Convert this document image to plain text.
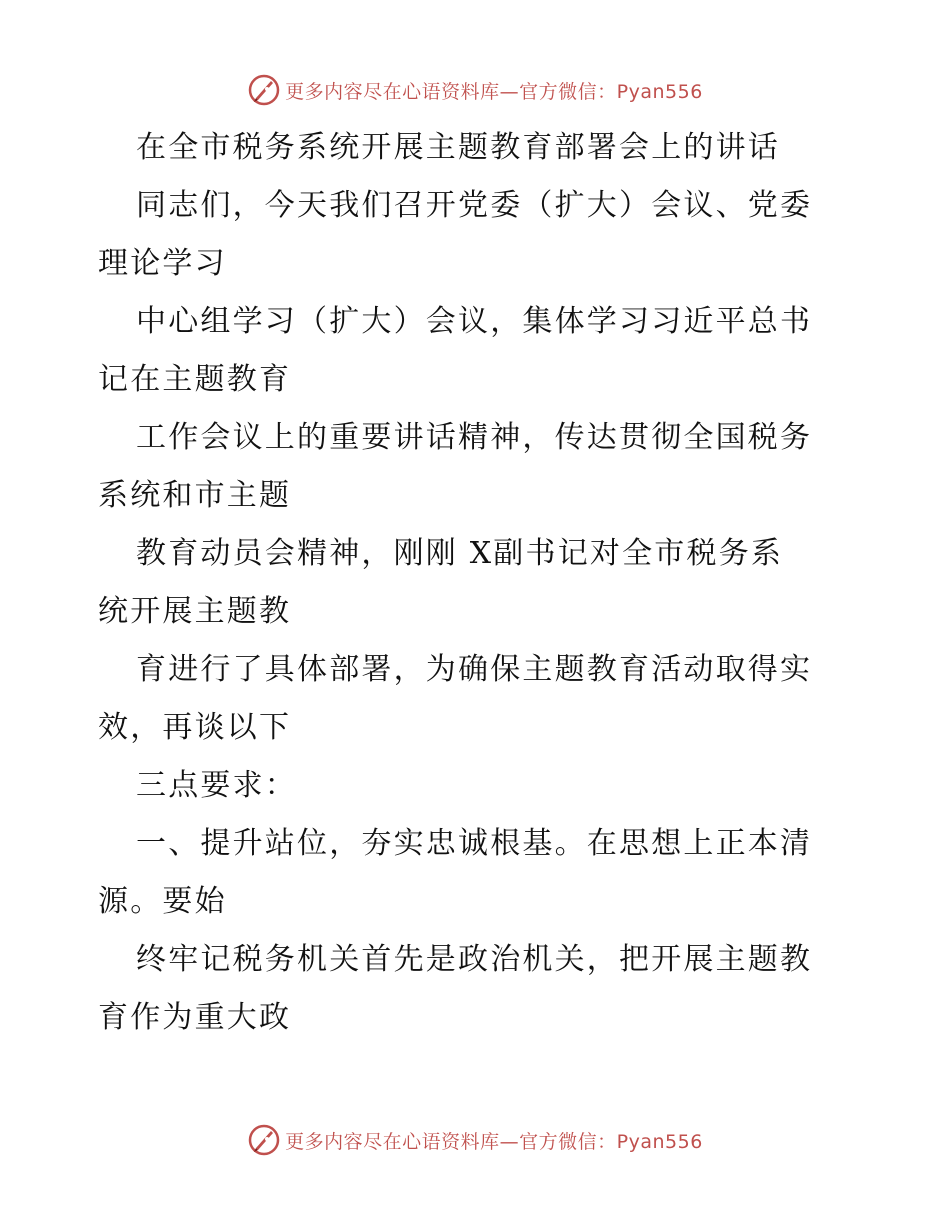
更多内容尽在心语资料库—官方微信：Pyan556
在全市税务系统开展主题教育部署会上的讲话
同志们，今天我们召开党委（扩大）会议、党委
理论学习
中心组学习（扩大）会议，集体学习习近平总书
记在主题教育
工作会议上的重要讲话精神，传达贯彻全国税务
系统和市主题
教育动员会精神，刚刚 X副书记对全市税务系
统开展主题教
育进行了具体部署，为确保主题教育活动取得实
效，再谈以下
三点要求：
一、提升站位，夯实忠诚根基。在思想上正本清
源。要始
终牢记税务机关首先是政治机关，把开展主题教
育作为重大政
更多内容尽在心语资料库—官方微信：Pyan556
